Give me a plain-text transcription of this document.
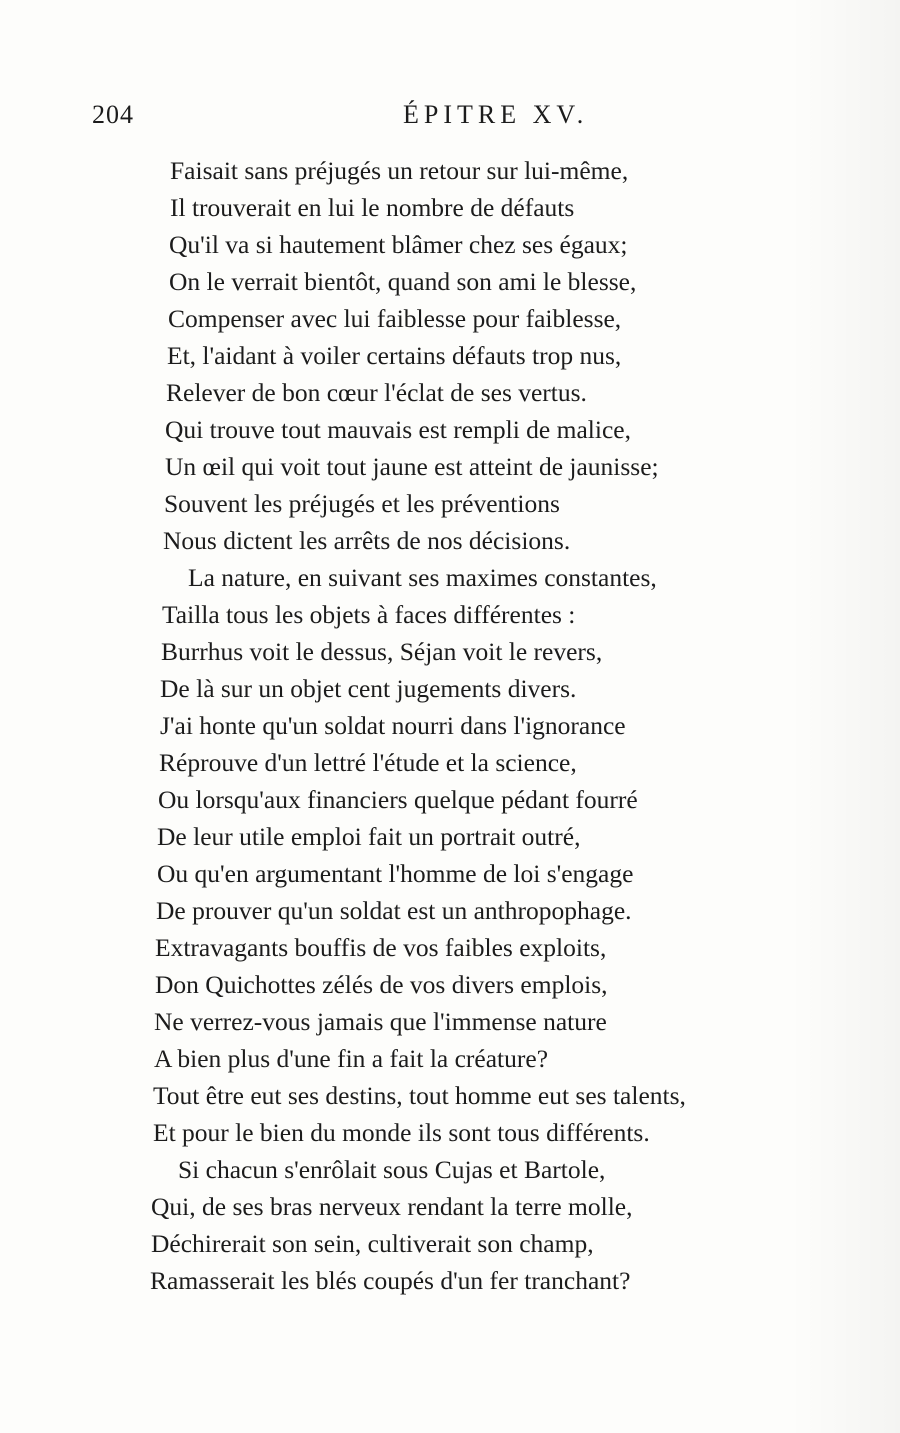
204	ÉPITRE XV.
Faisait sans préjugés un retour sur lui-même,
Il trouverait en lui le nombre de défauts
Qu'il va si hautement blâmer chez ses égaux;
On le verrait bientôt, quand son ami le blesse,
Compenser avec lui faiblesse pour faiblesse,
Et, l'aidant à voiler certains défauts trop nus,
Relever de bon cœur l'éclat de ses vertus.
Qui trouve tout mauvais est rempli de malice,
Un œil qui voit tout jaune est atteint de jaunisse;
Souvent les préjugés et les préventions
Nous dictent les arrêts de nos décisions.
La nature, en suivant ses maximes constantes,
Tailla tous les objets à faces différentes :
Burrhus voit le dessus, Séjan voit le revers,
De là sur un objet cent jugements divers.
J'ai honte qu'un soldat nourri dans l'ignorance
Réprouve d'un lettré l'étude et la science,
Ou lorsqu'aux financiers quelque pédant fourré
De leur utile emploi fait un portrait outré,
Ou qu'en argumentant l'homme de loi s'engage
De prouver qu'un soldat est un anthropophage.
Extravagants bouffis de vos faibles exploits,
Don Quichottes zélés de vos divers emplois,
Ne verrez-vous jamais que l'immense nature
A bien plus d'une fin a fait la créature?
Tout être eut ses destins, tout homme eut ses talents,
Et pour le bien du monde ils sont tous différents.
Si chacun s'enrôlait sous Cujas et Bartole,
Qui, de ses bras nerveux rendant la terre molle,
Déchirerait son sein, cultiverait son champ,
Ramasserait les blés coupés d'un fer tranchant?
